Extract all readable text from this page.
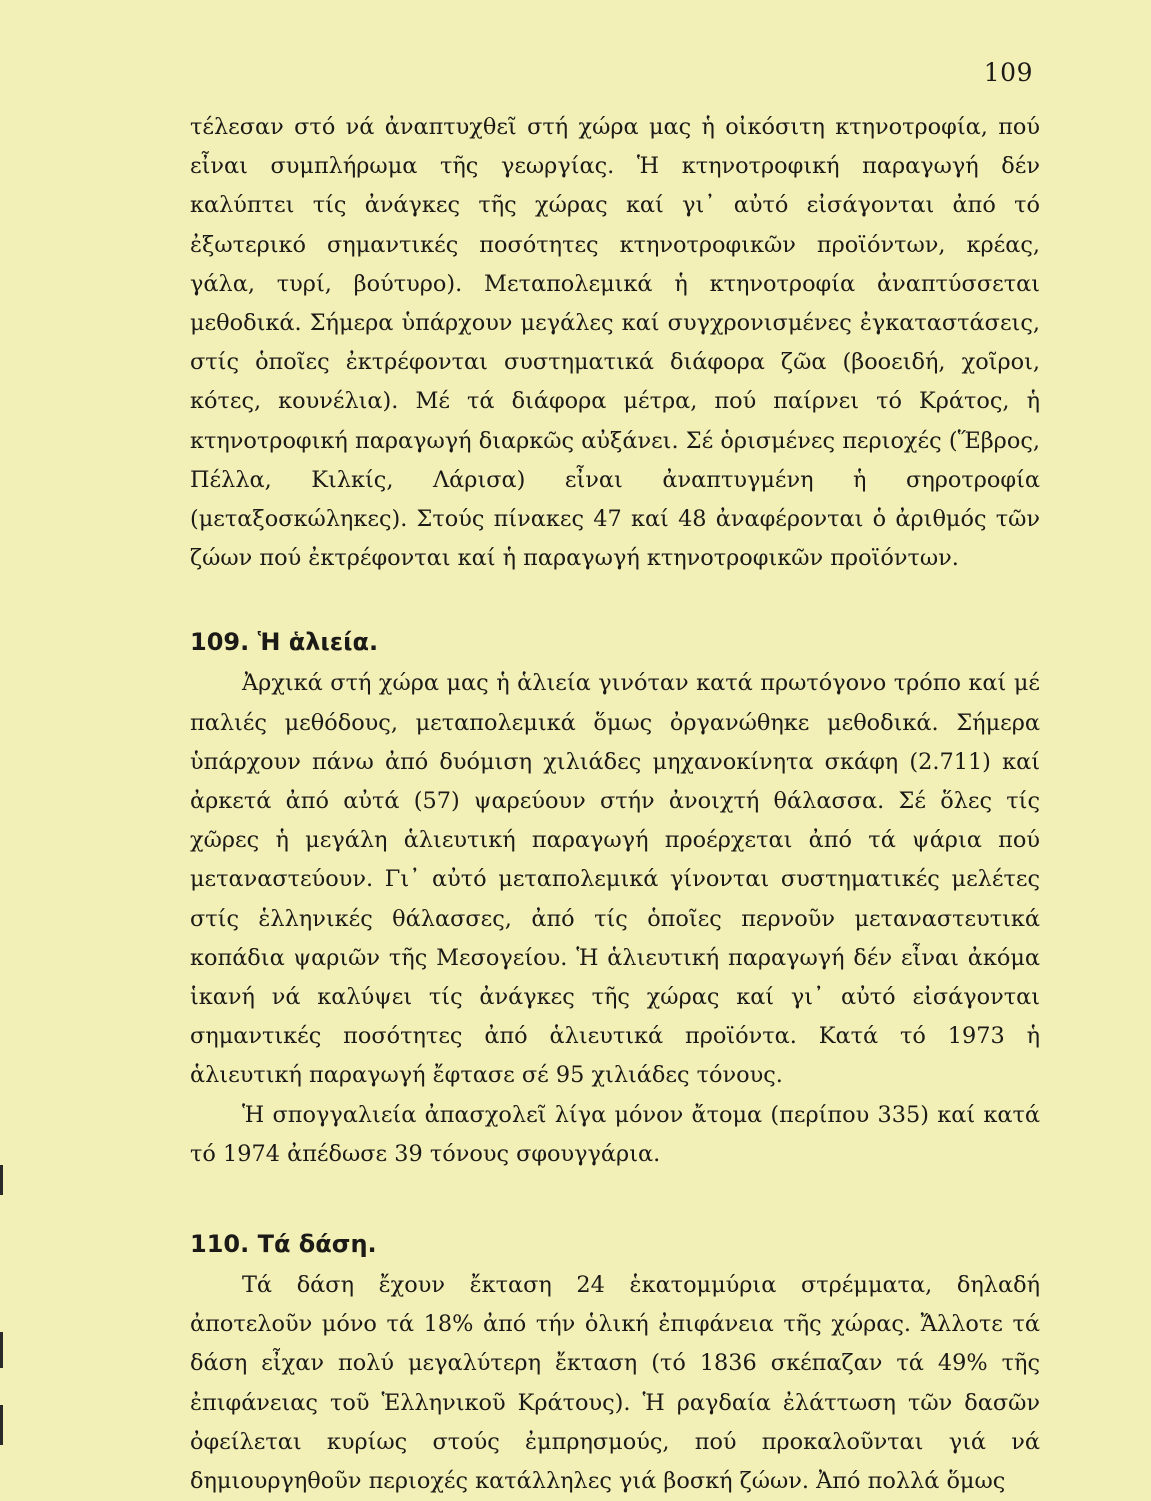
109

τέλεσαν στό νά ἀναπτυχθεῖ στή χώρα μας ἡ οἰκόσιτη κτηνοτροφία, πού εἶναι συμπλήρωμα τῆς γεωργίας. Ἡ κτηνοτροφική παραγωγή δέν καλύπτει τίς ἀνάγκες τῆς χώρας καί γι᾿ αὐτό εἰσάγονται ἀπό τό ἐξωτερικό σημαντικές ποσότητες κτηνοτροφικῶν προϊόντων, κρέας, γάλα, τυρί, βούτυρο). Μεταπολεμικά ἡ κτηνοτροφία ἀναπτύσσεται μεθοδικά. Σήμερα ὑπάρχουν μεγάλες καί συγχρονισμένες ἐγκαταστάσεις, στίς ὁποῖες ἐκτρέφονται συστηματικά διάφορα ζῶα (βοοειδή, χοῖροι, κότες, κουνέλια). Μέ τά διάφορα μέτρα, πού παίρνει τό Κράτος, ἡ κτηνοτροφική παραγωγή διαρκῶς αὐξάνει. Σέ ὁρισμένες περιοχές (Ἕβρος, Πέλλα, Κιλκίς, Λάρισα) εἶναι ἀναπτυγμένη ἡ σηροτροφία (μεταξοσκώληκες). Στούς πίνακες 47 καί 48 ἀναφέρονται ὁ ἀριθμός τῶν ζώων πού ἐκτρέφονται καί ἡ παραγωγή κτηνοτροφικῶν προϊόντων.

109. Ἡ ἁλιεία.

Ἀρχικά στή χώρα μας ἡ ἁλιεία γινόταν κατά πρωτόγονο τρόπο καί μέ παλιές μεθόδους, μεταπολεμικά ὅμως ὀργανώθηκε μεθοδικά. Σήμερα ὑπάρχουν πάνω ἀπό δυόμιση χιλιάδες μηχανοκίνητα σκάφη (2.711) καί ἀρκετά ἀπό αὐτά (57) ψαρεύουν στήν ἀνοιχτή θάλασσα. Σέ ὅλες τίς χῶρες ἡ μεγάλη ἁλιευτική παραγωγή προέρχεται ἀπό τά ψάρια πού μεταναστεύουν. Γι᾿ αὐτό μεταπολεμικά γίνονται συστηματικές μελέτες στίς ἑλληνικές θάλασσες, ἀπό τίς ὁποῖες περνοῦν μεταναστευτικά κοπάδια ψαριῶν τῆς Μεσογείου. Ἡ ἁλιευτική παραγωγή δέν εἶναι ἀκόμα ἱκανή νά καλύψει τίς ἀνάγκες τῆς χώρας καί γι᾿ αὐτό εἰσάγονται σημαντικές ποσότητες ἀπό ἁλιευτικά προϊόντα. Κατά τό 1973 ἡ ἁλιευτική παραγωγή ἔφτασε σέ 95 χιλιάδες τόνους.

Ἡ σπογγαλιεία ἀπασχολεῖ λίγα μόνον ἄτομα (περίπου 335) καί κατά τό 1974 ἀπέδωσε 39 τόνους σφουγγάρια.

110. Τά δάση.

Τά δάση ἔχουν ἔκταση 24 ἑκατομμύρια στρέμματα, δηλαδή ἀποτελοῦν μόνο τά 18% ἀπό τήν ὁλική ἐπιφάνεια τῆς χώρας. Ἄλλοτε τά δάση εἶχαν πολύ μεγαλύτερη ἔκταση (τό 1836 σκέπαζαν τά 49% τῆς ἐπιφάνειας τοῦ Ἑλληνικοῦ Κράτους). Ἡ ραγδαία ἐλάττωση τῶν δασῶν ὀφείλεται κυρίως στούς ἐμπρησμούς, πού προκαλοῦνται γιά νά δημιουργηθοῦν περιοχές κατάλληλες γιά βοσκή ζώων. Ἀπό πολλά ὅμως
